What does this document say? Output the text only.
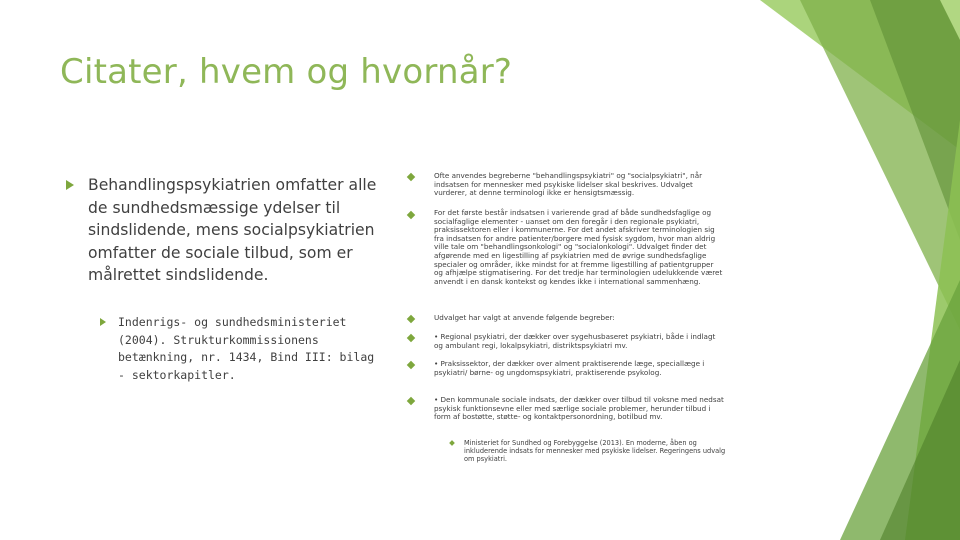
Citater, hvem og hvornår?
Behandlingspsykiatrien omfatter alle de sundhedsmæssige ydelser til sindslidende, mens socialpsykiatrien omfatter de sociale tilbud, som er målrettet sindslidende.
Indenrigs- og sundhedsministeriet (2004). Strukturkommissionens betænkning, nr. 1434, Bind III: bilag - sektorkapitler.
Ofte anvendes begreberne "behandlingspsykiatri" og "socialpsykiatri", når indsatsen for mennesker med psykiske lidelser skal beskrives. Udvalget vurderer, at denne terminologi ikke er hensigtsmæssig.
For det første består indsatsen i varierende grad af både sundhedsfaglige og socialfaglige elementer - uanset om den foregår i den regionale psykiatri, praksissektoren eller i kommunerne. For det andet afskriver terminologien sig fra indsatsen for andre patienter/borgere med fysisk sygdom, hvor man aldrig ville tale om "behandlingsonkologi" og "socialonkologi". Udvalget finder det afgørende med en ligestilling af psykiatrien med de øvrige sundhedsfaglige specialer og områder, ikke mindst for at fremme ligestilling af patientgrupper og afhjælpe stigmatisering. For det tredje har terminologien udelukkende været anvendt i en dansk kontekst og kendes ikke i international sammenhæng.
Udvalget har valgt at anvende følgende begreber:
• Regional psykiatri, der dækker over sygehusbaseret psykiatri, både i indlagt og ambulant regi, lokalpsykiatri, distriktspsykiatri mv.
• Praksissektor, der dækker over alment praktiserende læge, speciallæge i psykiatri/ børne- og ungdomspsykiatri, praktiserende psykolog.
• Den kommunale sociale indsats, der dækker over tilbud til voksne med nedsat psykisk funktionsevne eller med særlige sociale problemer, herunder tilbud i form af bostøtte, støtte- og kontaktpersonordning, botilbud mv.
Ministeriet for Sundhed og Forebyggelse (2013). En moderne, åben og inkluderende indsats for mennesker med psykiske lidelser. Regeringens udvalg om psykiatri.
